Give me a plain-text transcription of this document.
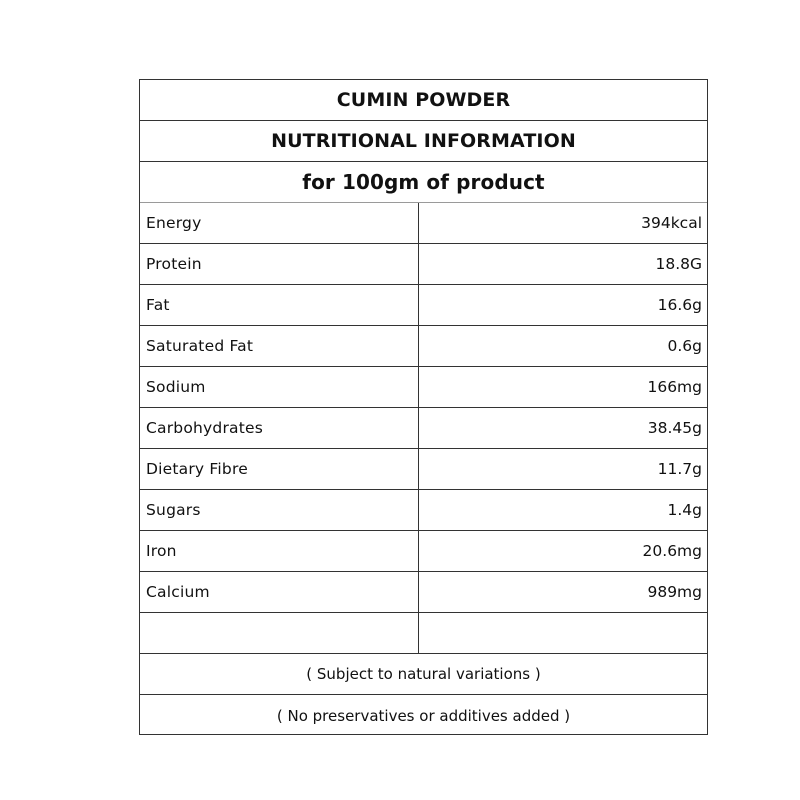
CUMIN POWDER
NUTRITIONAL INFORMATION
for 100gm of product
Energy	394kcal
Protein	18.8G
Fat	16.6g
Saturated Fat	0.6g
Sodium	166mg
Carbohydrates	38.45g
Dietary Fibre	11.7g
Sugars	1.4g
Iron	20.6mg
Calcium	989mg
( Subject to natural variations )
( No preservatives or additives added )
